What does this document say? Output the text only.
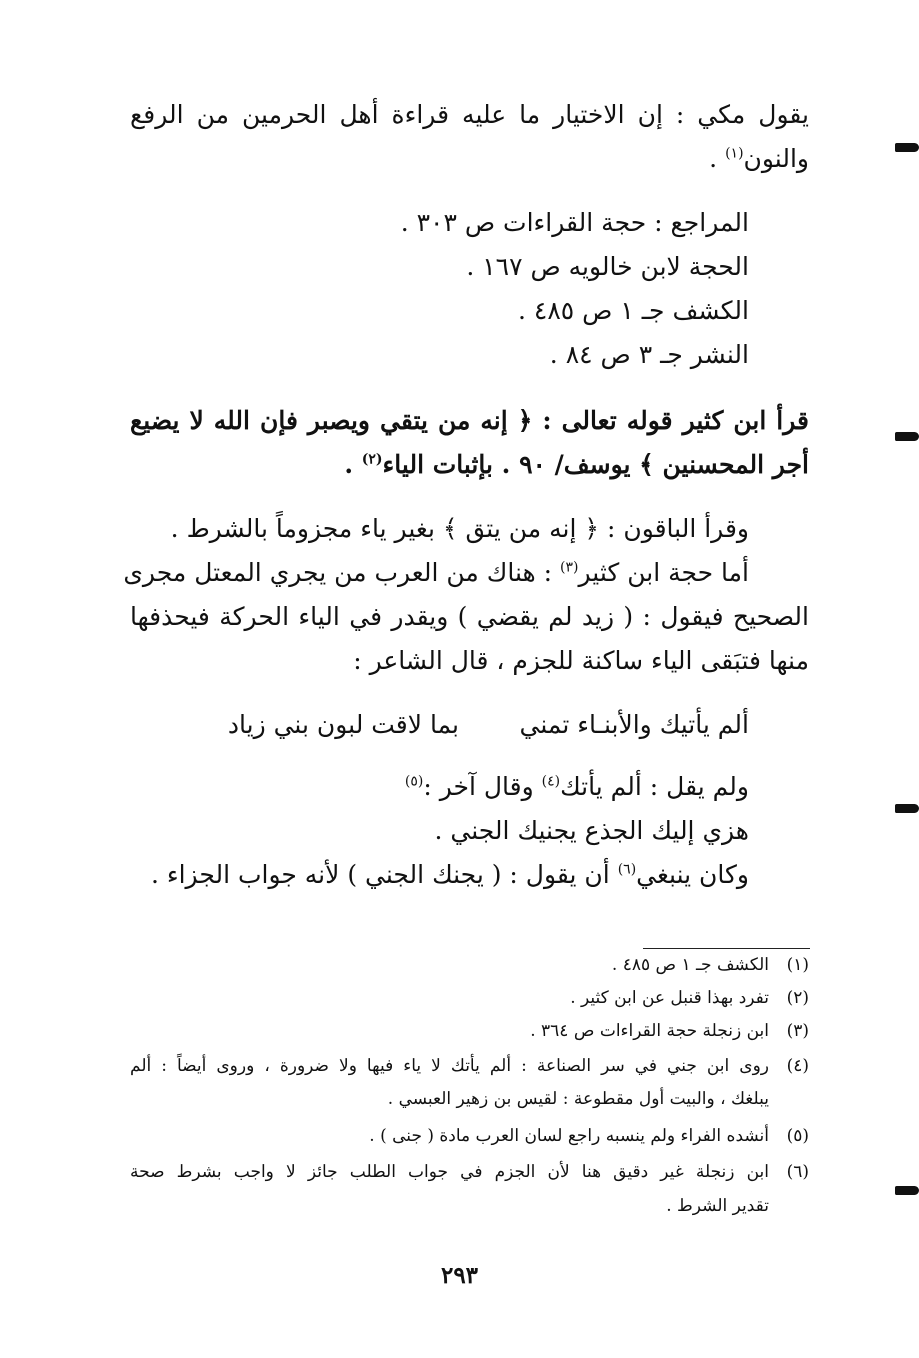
يقول مكي : إن الاختيار ما عليه قراءة أهل الحرمين من الرفع
والنون$^{(١)}$ .
المراجع : حجة القراءات ص ٣٠٣ .
الحجة لابن خالويه ص ١٦٧ .
الكشف جـ ١ ص ٤٨٥ .
النشر جـ ٣ ص ٨٤ .
قرأ ابن كثير قوله تعالى : ﴿ إنه من يتقي ويصبر فإن الله لا يضيع
أجر المحسنين ﴾ يوسف/ ٩٠ . بإثبات الياء$^{(٢)}$ .
وقرأ الباقون : ﴿ إنه من يتق ﴾ بغير ياء مجزوماً بالشرط .
أما حجة ابن كثير$^{(٣)}$ : هناك من العرب من يجري المعتل مجرى
الصحيح فيقول : ( زيد لم يقضي ) ويقدر في الياء الحركة فيحذفها
منها فتبَقى الياء ساكنة للجزم ، قال الشاعر :
ألم يأتيك والأبنـاء تمني
بما لاقت لبون بني زياد
ولم يقل : ألم يأتك$^{(٤)}$ وقال آخر :$^{(٥)}$
هزي إليك الجذع يجنيك الجني .
وكان ينبغي$^{(٦)}$ أن يقول : ( يجنك الجني ) لأنه جواب الجزاء .
(١)الكشف جـ ١ ص ٤٨٥ .
(٢)تفرد بهذا قنبل عن ابن كثير .
(٣)ابن زنجلة حجة القراءات ص ٣٦٤ .
(٤)روى ابن جني في سر الصناعة : ألم يأتك لا ياء فيها ولا ضرورة ، وروى أيضاً : ألم
يبلغك ، والبيت أول مقطوعة : لقيس بن زهير العبسي .
(٥)أنشده الفراء ولم ينسبه راجع لسان العرب مادة ( جنى ) .
(٦)ابن زنجلة غير دقيق هنا لأن الجزم في جواب الطلب جائز لا واجب بشرط صحة
تقدير الشرط .
٢٩٣
